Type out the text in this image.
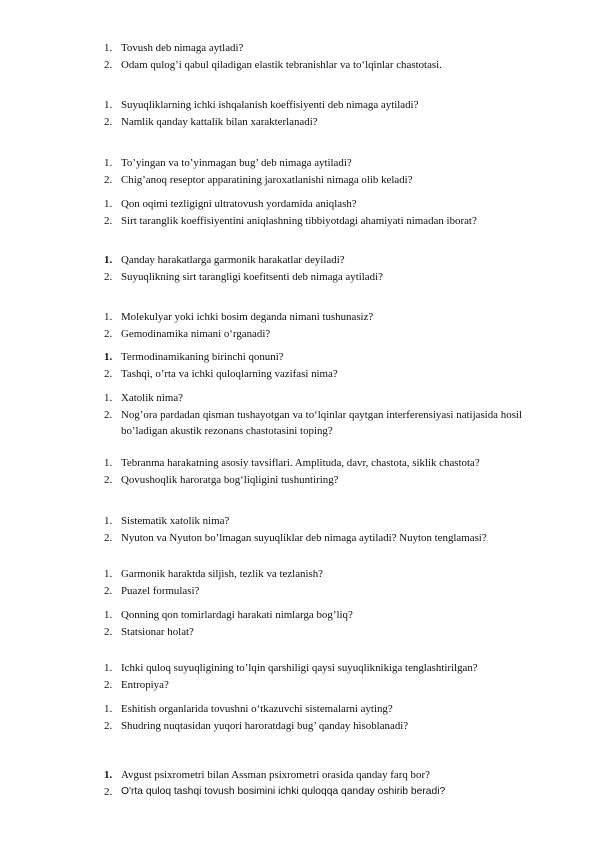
1. Tovush deb nimaga aytladi?
2. Odam qulog’i qabul qiladigan elastik tebranishlar va to‘lqinlar chastotasi.
1. Suyuqliklarning ichki ishqalanish koeffisiyenti deb nimaga aytiladi?
2. Namlik qanday kattalik bilan xarakterlanadi?
1. To’yingan va to’yinmagan bug’ deb nimaga aytiladi?
2. Chig’anoq reseptor apparatining jaroxatlanishi nimaga olib keladi?
1. Qon oqimi tezligigni ultratovush yordamida aniqlash?
2. Sirt taranglik koeffisiyentini aniqlashning tibbiyotdagi ahamiyati nimadan iborat?
1. Qanday harakatlarga garmonik harakatlar deyiladi?
2. Suyuqlikning sirt tarangligi koefitsenti deb nimaga aytiladi?
1. Molekulyar yoki ichki bosim deganda nimani tushunasiz?
2. Gemodinamika nimani o‘rganadi?
1. Termodinamikaning birinchi qonuni?
2. Tashqi, o’rta va ichki quloqlarning vazifasi nima?
1. Xatolik nima?
2. Nog’ora pardadan qisman tushayotgan va to‘lqinlar qaytgan interferensiyasi natijasida hosil bo’ladigan akustik rezonans chastotasini toping?
1. Tebranma harakatning asosiy tavsiflari. Amplituda, davr, chastota, siklik chastota?
2. Qovushoqlik haroratga bog‘liqligini tushuntiring?
1. Sistematik xatolik nima?
2. Nyuton va Nyuton bo’lmagan suyuqliklar deb nimaga aytiladi? Nuyton tenglamasi?
1. Garmonik haraktda siljish, tezlik va tezlanish?
2. Puazel formulasi?
1. Qonning qon tomirlardagi harakati nimlarga bog’liq?
2. Statsionar holat?
1. Ichki quloq suyuqligining to’lqin qarshiligi qaysi suyuqliknikiga tenglashtirilgan?
2. Entropiya?
1. Eshitish organlarida tovushni o‘tkazuvchi sistemalarni ayting?
2. Shudring nuqtasidan yuqori haroratdagi bug’ qanday hisoblanadi?
1. Avgust psixrometri bilan Assman psixrometri orasida qanday farq bor?
2. O'rta quloq tashqi tovush bosimini ichki quloqqa qanday oshirib beradi?
